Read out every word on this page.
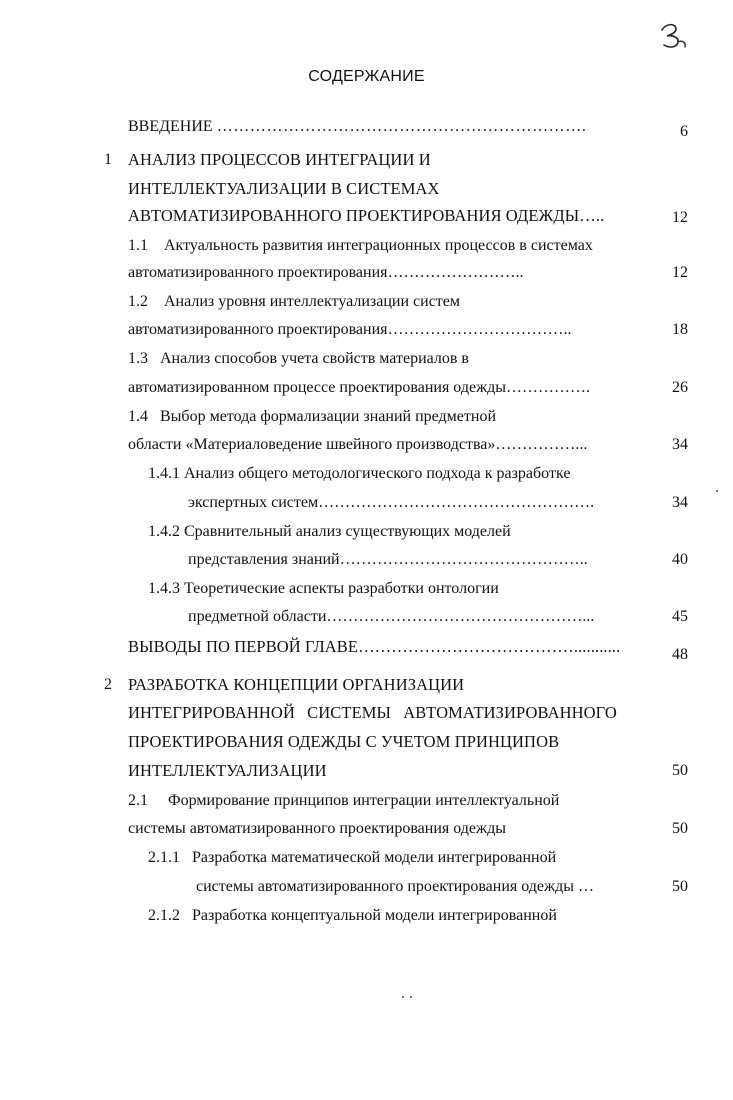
СОДЕРЖАНИЕ
ВВЕДЕНИЕ ………………………………………………………….	6
1 АНАЛИЗ ПРОЦЕССОВ ИНТЕГРАЦИИ И
ИНТЕЛЛЕКТУАЛИЗАЦИИ В СИСТЕМАХ
АВТОМАТИЗИРОВАННОГО ПРОЕКТИРОВАНИЯ ОДЕЖДЫ…..	12
1.1 Актуальность развития интеграционных процессов в системах
автоматизированного проектирования……………………..	12
1.2 Анализ уровня интеллектуализации систем
автоматизированного проектирования……………………………..	18
1.3 Анализ способов учета свойств материалов в
автоматизированном процессе проектирования одежды…………….	26
1.4 Выбор метода формализации знаний предметной
области «Материаловедение швейного производства»……………...	34
1.4.1 Анализ общего методологического подхода к разработке
экспертных систем…………………………………………….	34
1.4.2 Сравнительный анализ существующих моделей
представления знаний………………………………………..	40
1.4.3 Теоретические аспекты разработки онтологии
предметной области…………………………………………...	45
ВЫВОДЫ ПО ПЕРВОЙ ГЛАВЕ…………………………………...........	48
2 РАЗРАБОТКА КОНЦЕПЦИИ ОРГАНИЗАЦИИ
ИНТЕГРИРОВАННОЙ СИСТЕМЫ АВТОМАТИЗИРОВАННОГО
ПРОЕКТИРОВАНИЯ ОДЕЖДЫ С УЧЕТОМ ПРИНЦИПОВ
ИНТЕЛЛЕКТУАЛИЗАЦИИ	50
2.1 Формирование принципов интеграции интеллектуальной
системы автоматизированного проектирования одежды	50
2.1.1 Разработка математической модели интегрированной
системы автоматизированного проектирования одежды …	50
2.1.2 Разработка концептуальной модели интегрированной
